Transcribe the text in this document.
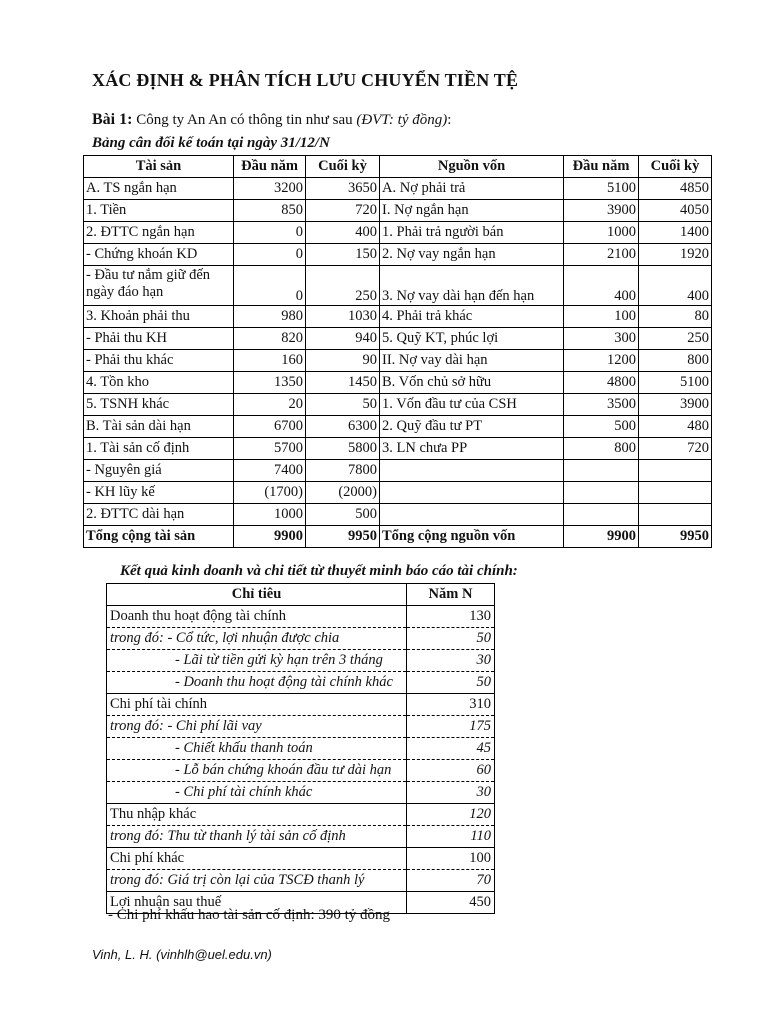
XÁC ĐỊNH & PHÂN TÍCH LƯU CHUYỂN TIỀN TỆ
Bài 1: Công ty An An có thông tin như sau (ĐVT: tỷ đồng):
Bảng cân đối kế toán tại ngày 31/12/N
Tài sản	Đầu năm	Cuối kỳ	Nguồn vốn	Đầu năm	Cuối kỳ
A. TS ngắn hạn	3200	3650	A. Nợ phải trả	5100	4850
1. Tiền	850	720	I. Nợ ngắn hạn	3900	4050
2. ĐTTC ngắn hạn	0	400	1. Phải trả người bán	1000	1400
- Chứng khoán KD	0	150	2. Nợ vay ngắn hạn	2100	1920
- Đầu tư nắm giữ đến ngày đáo hạn	0	250	3. Nợ vay dài hạn đến hạn	400	400
3. Khoản phải thu	980	1030	4. Phải trả khác	100	80
- Phải thu KH	820	940	5. Quỹ KT, phúc lợi	300	250
- Phải thu khác	160	90	II. Nợ vay dài hạn	1200	800
4. Tồn kho	1350	1450	B. Vốn chủ sở hữu	4800	5100
5. TSNH khác	20	50	1. Vốn đầu tư của CSH	3500	3900
B. Tài sản dài hạn	6700	6300	2. Quỹ đầu tư PT	500	480
1. Tài sản cố định	5700	5800	3. LN chưa PP	800	720
- Nguyên giá	7400	7800			
- KH lũy kế	(1700)	(2000)			
2. ĐTTC dài hạn	1000	500			
Tổng cộng tài sản	9900	9950	Tổng cộng nguồn vốn	9900	9950
Kết quả kinh doanh và chi tiết từ thuyết minh báo cáo tài chính:
Chỉ tiêu	Năm N
Doanh thu hoạt động tài chính	130
trong đó: - Cổ tức, lợi nhuận được chia	50
- Lãi từ tiền gửi kỳ hạn trên 3 tháng	30
- Doanh thu hoạt động tài chính khác	50
Chi phí tài chính	310
trong đó: - Chi phí lãi vay	175
- Chiết khấu thanh toán	45
- Lỗ bán chứng khoán đầu tư dài hạn	60
- Chi phí tài chính khác	30
Thu nhập khác	120
trong đó: Thu từ thanh lý tài sản cố định	110
Chi phí khác	100
trong đó: Giá trị còn lại của TSCĐ thanh lý	70
Lợi nhuận sau thuế	450
- Chi phí khấu hao tài sản cố định: 390 tỷ đồng
Vinh, L. H. (vinhlh@uel.edu.vn)
